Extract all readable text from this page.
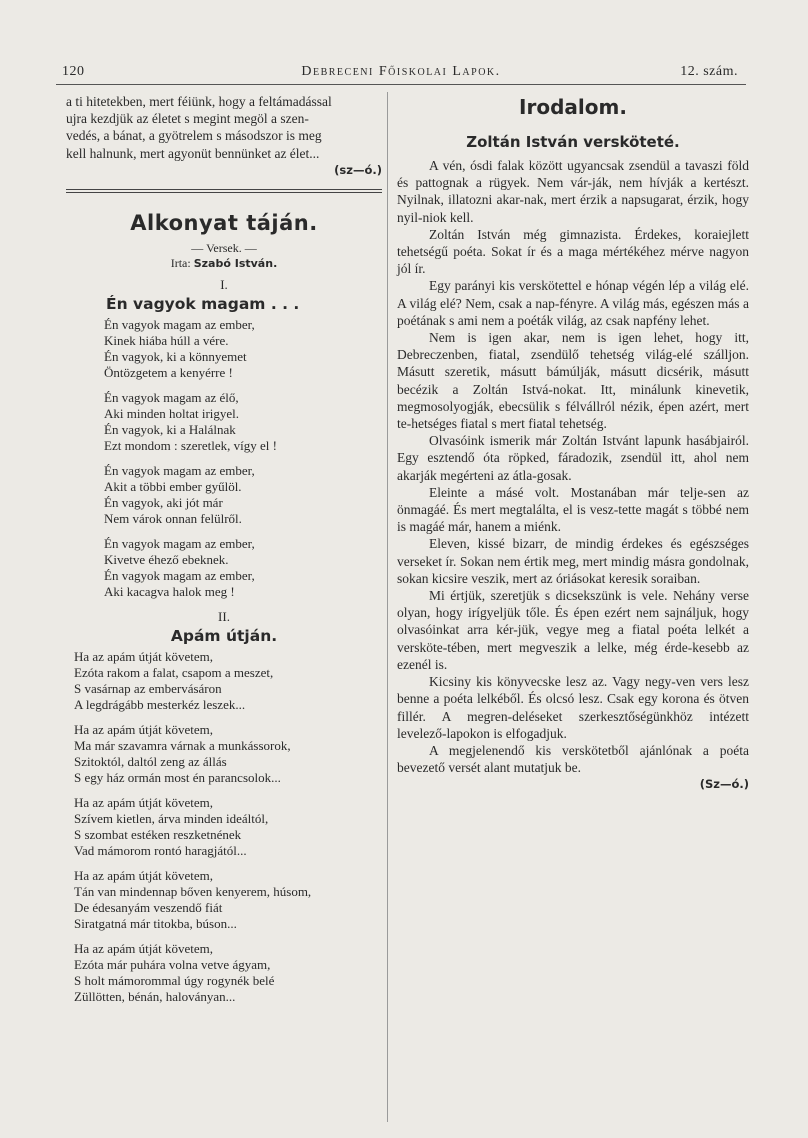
120	Debreceni Főiskolai Lapok.	12. szám.
a ti hitetekben, mert féiünk, hogy a feltámadással
ujra kezdjük az életet s megint megöl a szen-
vedés, a bánat, a gyötrelem s másodszor is meg
kell halnunk, mert agyonüt bennünket az élet...
(sz—ó.)
Alkonyat táján.
— Versek. —
Irta: Szabó István.
I.
Én vagyok magam . . .
Én vagyok magam az ember,
Kinek hiába húll a vére.
Én vagyok, ki a könnyemet
Öntözgetem a kenyérre !
Én vagyok magam az élő,
Aki minden holtat irigyel.
Én vagyok, ki a Halálnak
Ezt mondom : szeretlek, vígy el !
Én vagyok magam az ember,
Akit a többi ember gyűlöl.
Én vagyok, aki jót már
Nem várok onnan felülről.
Én vagyok magam az ember,
Kivetve éhező ebeknek.
Én vagyok magam az ember,
Aki kacagva halok meg !
II.
Apám útján.
Ha az apám útját követem,
Ezóta rakom a falat, csapom a meszet,
S vasárnap az embervásáron
A legdrágább mesterkéz leszek...
Ha az apám útját követem,
Ma már szavamra várnak a munkássorok,
Szitoktól, daltól zeng az állás
S egy ház ormán most én parancsolok...
Ha az apám útját követem,
Szívem kietlen, árva minden ideáltól,
S szombat estéken reszketnének
Vad mámorom rontó haragjától...
Ha az apám útját követem,
Tán van mindennap bőven kenyerem, húsom,
De édesanyám veszendő fiát
Siratgatná már titokba, búson...
Ha az apám útját követem,
Ezóta már puhára volna vetve ágyam,
S holt mámorommal úgy rogynék belé
Züllötten, bénán, haloványan...
Irodalom.
Zoltán István versköteté.

A vén, ósdi falak között ugyancsak zsendül a tavaszi föld és pattognak a rügyek. Nem vár-ják, nem hívják a kertészt. Nyilnak, illatozni akar-nak, mert érzik a napsugarat, érzik, hogy nyil-niok kell.

Zoltán István még gimnazista. Érdekes, koraiejlett tehetségű poéta. Sokat ír és a maga mértékéhez mérve nagyon jól ír.

Egy parányi kis verskötettel e hónap végén lép a világ elé. A világ elé? Nem, csak a nap-fényre. A világ más, egészen más a poétának s ami nem a poéták világ, az csak napfény lehet.

Nem is igen akar, nem is igen lehet, hogy itt, Debreczenben, fiatal, zsendülő tehetség világ-elé szálljon. Másutt szeretik, másutt bámúlják, másutt dicsérik, másutt becézik a Zoltán Istvá-nokat. Itt, minálunk kinevetik, megmosolyogják, ebecsülik s félvállról nézik, épen azért, mert te-hetséges fiatal s mert fiatal tehetség.

Olvasóink ismerik már Zoltán Istvánt lapunk hasábjairól. Egy esztendő óta röpked, fáradozik, zsendül itt, ahol nem akarják megérteni az átla-gosak.

Eleinte a másé volt. Mostanában már telje-sen az önmagáé. És mert megtalálta, el is vesz-tette magát s többé nem is magáé már, hanem a miénk.

Eleven, kissé bizarr, de mindig érdekes és egészséges verseket ír. Sokan nem értik meg, mert mindig másra gondolnak, sokan kicsire veszik, mert az óriásokat keresik soraiban.

Mi értjük, szeretjük s dicsekszünk is vele. Nehány verse olyan, hogy irígyeljük tőle. És épen ezért nem sajnáljuk, hogy olvasóinkat arra kér-jük, vegye meg a fiatal poéta lelkét a versköte-tében, mert megveszik a lelke, még érde-kesebb az ezenél is.

Kicsiny kis könyvecske lesz az. Vagy negy-ven vers lesz benne a poéta lelkéből. És olcsó lesz. Csak egy korona és ötven fillér. A megren-deléseket szerkesztőségünkhöz intézett levelező-lapokon is elfogadjuk.

A megjelenendő kis verskötetből ajánlónak a poéta bevezető versét alant mutatjuk be.

(Sz—ó.)
